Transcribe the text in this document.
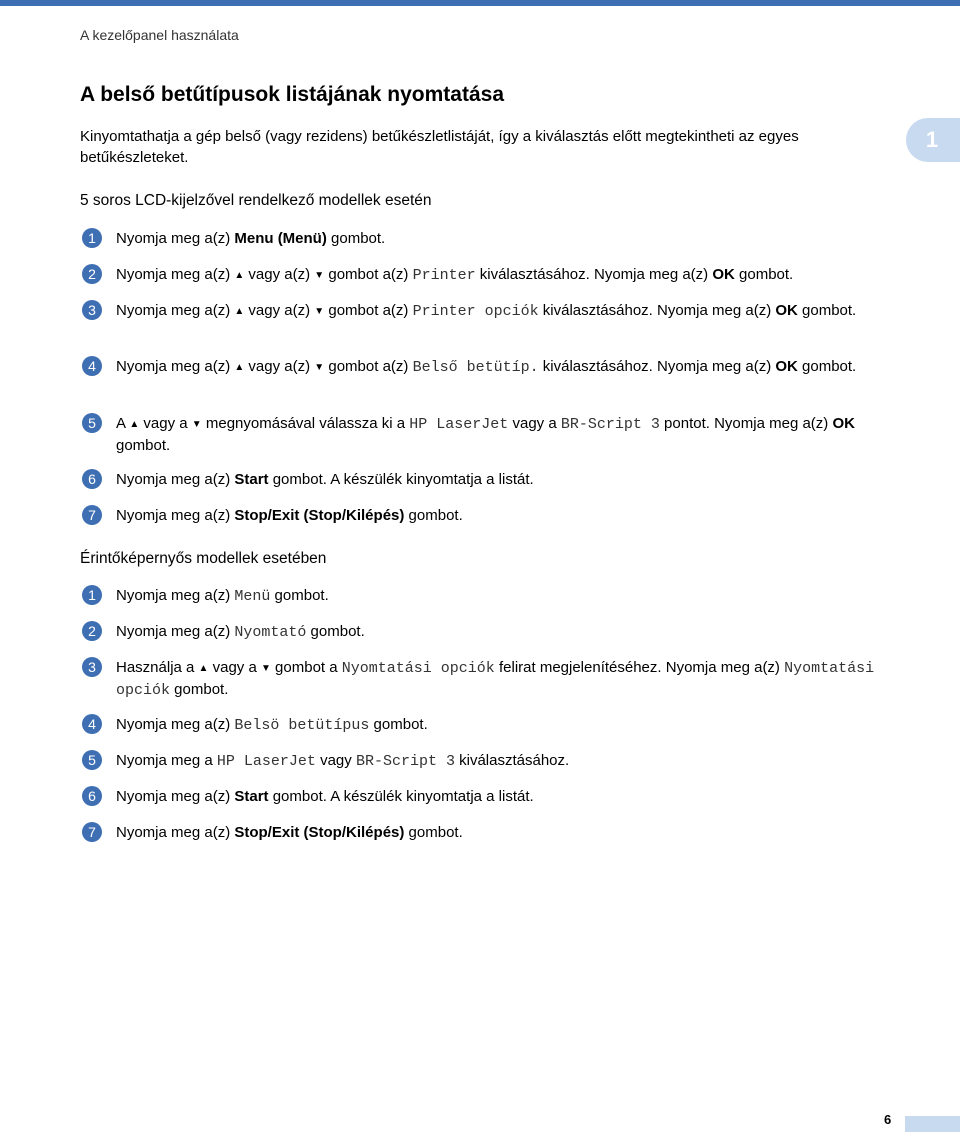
A kezelőpanel használata
A belső betűtípusok listájának nyomtatása
1
Kinyomtathatja a gép belső (vagy rezidens) betűkészletlistáját, így a kiválasztás előtt megtekintheti az egyes betűkészleteket.
5 soros LCD-kijelzővel rendelkező modellek esetén
1	Nyomja meg a(z) Menu (Menü) gombot.
2	Nyomja meg a(z) ▲ vagy a(z) ▼ gombot a(z) Printer kiválasztásához. Nyomja meg a(z) OK gombot.
3	Nyomja meg a(z) ▲ vagy a(z) ▼ gombot a(z) Printer opciók kiválasztásához. Nyomja meg a(z) OK gombot.
4	Nyomja meg a(z) ▲ vagy a(z) ▼ gombot a(z) Belső betütíp. kiválasztásához. Nyomja meg a(z) OK gombot.
5	A ▲ vagy a ▼ megnyomásával válassza ki a HP LaserJet vagy a BR-Script 3 pontot. Nyomja meg a(z) OK gombot.
6	Nyomja meg a(z) Start gombot. A készülék kinyomtatja a listát.
7	Nyomja meg a(z) Stop/Exit (Stop/Kilépés) gombot.
Érintőképernyős modellek esetében
1	Nyomja meg a(z) Menü gombot.
2	Nyomja meg a(z) Nyomtató gombot.
3	Használja a ▲ vagy a ▼ gombot a Nyomtatási opciók felirat megjelenítéséhez. Nyomja meg a(z) Nyomtatási opciók gombot.
4	Nyomja meg a(z) Belsö betütípus gombot.
5	Nyomja meg a HP LaserJet vagy BR-Script 3 kiválasztásához.
6	Nyomja meg a(z) Start gombot. A készülék kinyomtatja a listát.
7	Nyomja meg a(z) Stop/Exit (Stop/Kilépés) gombot.
6
